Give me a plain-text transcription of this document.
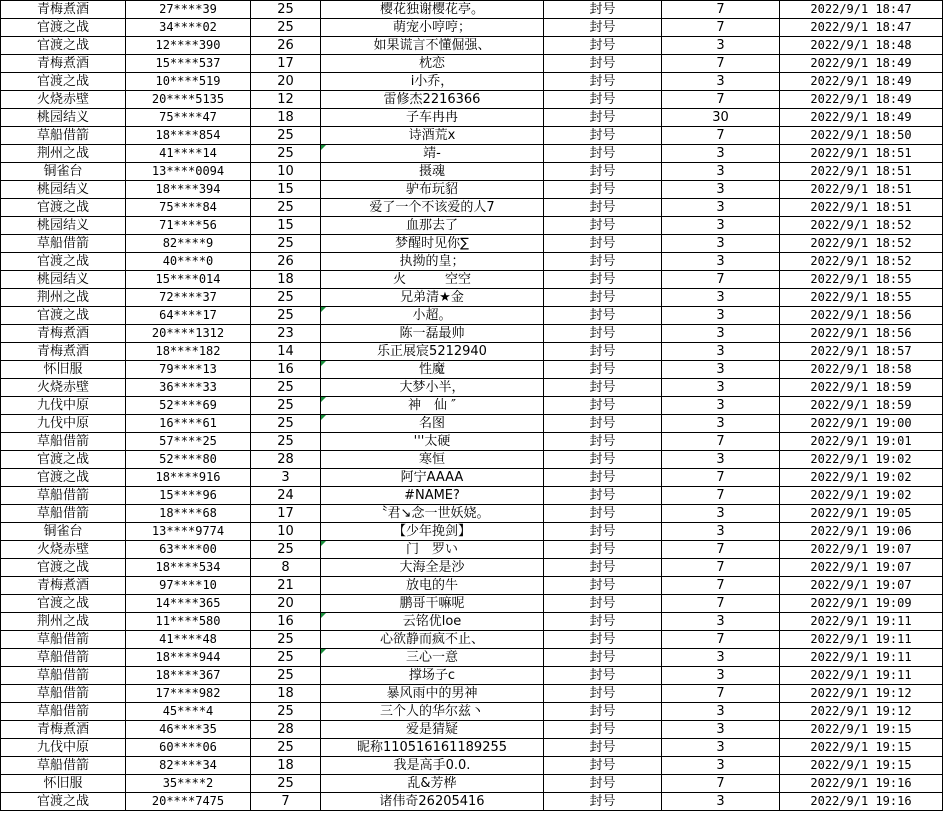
青梅煮酒	27****39	25	樱花独谢樱花亭。	封号	7	2022/9/1 18:47
官渡之战	34****02	25	萌宠小哼哼；	封号	7	2022/9/1 18:47
官渡之战	12****390	26	如果谎言不懂倔强、	封号	3	2022/9/1 18:48
青梅煮酒	15****537	17	枕恋	封号	7	2022/9/1 18:49
官渡之战	10****519	20	i小乔，	封号	3	2022/9/1 18:49
火烧赤壁	20****5135	12	雷修杰2216366	封号	7	2022/9/1 18:49
桃园结义	75****47	18	子车冉冉	封号	30	2022/9/1 18:49
草船借箭	18****854	25	诗酒荒x	封号	7	2022/9/1 18:50
荆州之战	41****14	25	靖-	封号	3	2022/9/1 18:51
铜雀台	13****0094	10	摄魂	封号	3	2022/9/1 18:51
桃园结义	18****394	15	驴布玩貂	封号	3	2022/9/1 18:51
官渡之战	75****84	25	爱了一个不该爱的人7	封号	3	2022/9/1 18:51
桃园结义	71****56	15	血那去了	封号	3	2022/9/1 18:52
草船借箭	82****9	25	梦醒时见你∑	封号	3	2022/9/1 18:52
官渡之战	40****0	26	执拗的皇；	封号	3	2022/9/1 18:52
桃园结义	15****014	18	火　　　空空	封号	7	2022/9/1 18:55
荆州之战	72****37	25	兄弟清★金	封号	3	2022/9/1 18:55
官渡之战	64****17	25	小超。	封号	3	2022/9/1 18:56
青梅煮酒	20****1312	23	陈一磊最帅	封号	3	2022/9/1 18:56
青梅煮酒	18****182	14	乐正展宸5212940	封号	3	2022/9/1 18:57
怀旧服	79****13	16	性魔	封号	3	2022/9/1 18:58
火烧赤壁	36****33	25	大梦小半，	封号	3	2022/9/1 18:59
九伐中原	52****69	25	神　仙 ″	封号	3	2022/9/1 18:59
九伐中原	16****61	25	名图	封号	3	2022/9/1 19:00
草船借箭	57****25	25	'''太硬	封号	7	2022/9/1 19:01
官渡之战	52****80	28	寒恒	封号	3	2022/9/1 19:02
官渡之战	18****916	3	阿宁AAAA	封号	7	2022/9/1 19:02
草船借箭	15****96	24	#NAME?	封号	7	2022/9/1 19:02
草船借箭	18****68	17	〝君↘念一世妖娆。	封号	3	2022/9/1 19:05
铜雀台	13****9774	10	【少年挽剑】	封号	3	2022/9/1 19:06
火烧赤壁	63****00	25	门　罗い	封号	7	2022/9/1 19:07
官渡之战	18****534	8	大海全是沙	封号	7	2022/9/1 19:07
青梅煮酒	97****10	21	放电的牛	封号	7	2022/9/1 19:07
官渡之战	14****365	20	鹏哥干嘛呢	封号	7	2022/9/1 19:09
荆州之战	11****580	16	云铭优loe	封号	3	2022/9/1 19:11
草船借箭	41****48	25	心欲静而疯不止、	封号	7	2022/9/1 19:11
草船借箭	18****944	25	三心一意	封号	3	2022/9/1 19:11
草船借箭	18****367	25	撑场子c	封号	3	2022/9/1 19:11
草船借箭	17****982	18	暴风雨中的男神	封号	7	2022/9/1 19:12
草船借箭	45****4	25	三个人的华尔兹丶	封号	3	2022/9/1 19:12
青梅煮酒	46****35	28	爱是猜疑	封号	3	2022/9/1 19:15
九伐中原	60****06	25	昵称110516161189255	封号	3	2022/9/1 19:15
草船借箭	82****34	18	我是高手0.0.	封号	3	2022/9/1 19:15
怀旧服	35****2	25	乱&芳桦	封号	7	2022/9/1 19:16
官渡之战	20****7475	7	诸伟奇26205416	封号	3	2022/9/1 19:16
